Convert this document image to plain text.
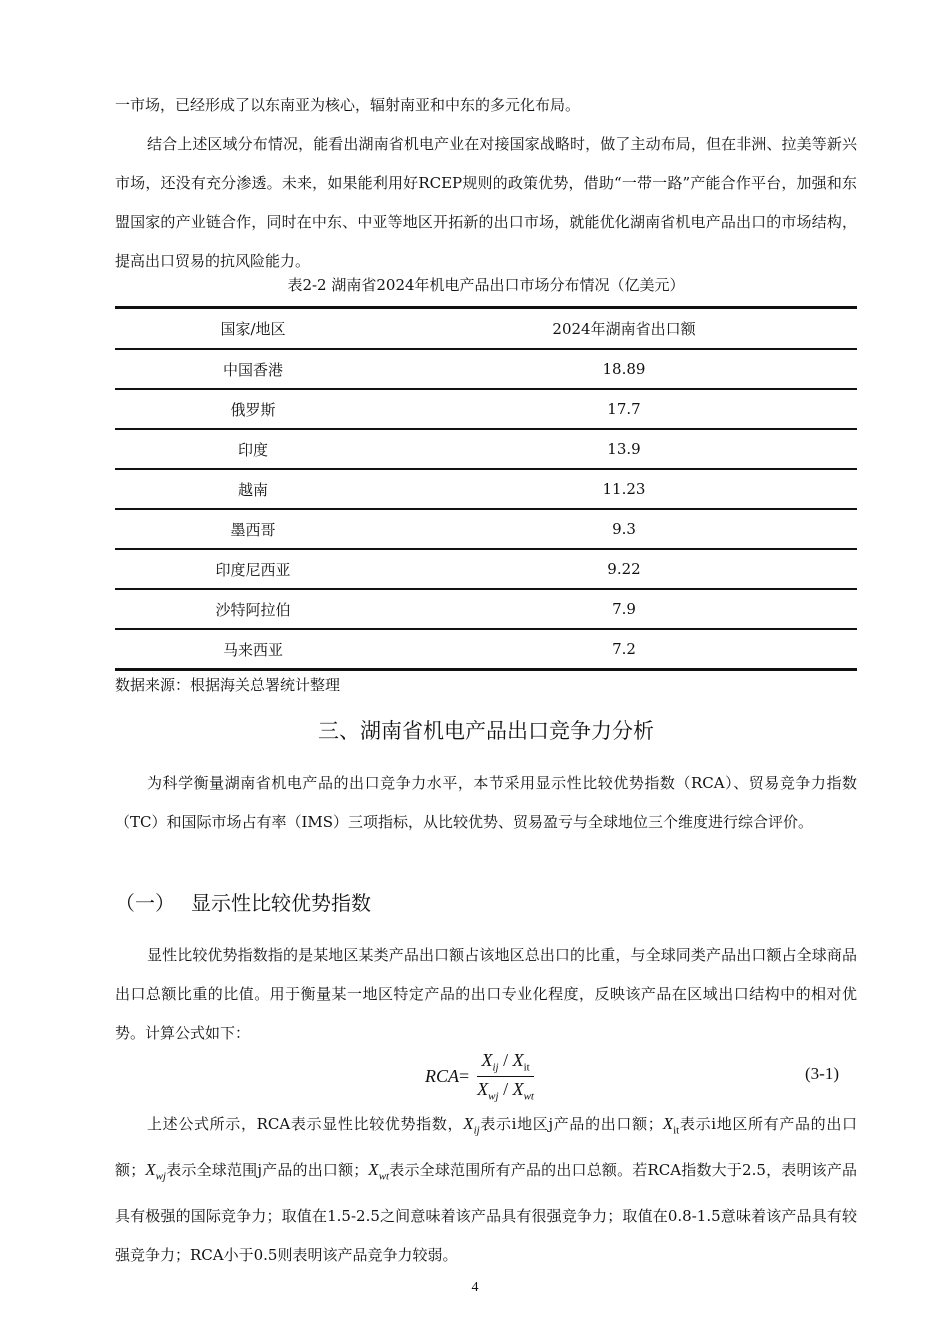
一市场，已经形成了以东南亚为核心，辐射南亚和中东的多元化布局。

结合上述区域分布情况，能看出湖南省机电产业在对接国家战略时，做了主动布局，但在非洲、拉美等新兴市场，还没有充分渗透。未来，如果能利用好RCEP规则的政策优势，借助“一带一路”产能合作平台，加强和东盟国家的产业链合作，同时在中东、中亚等地区开拓新的出口市场，就能优化湖南省机电产品出口的市场结构，提高出口贸易的抗风险能力。

表2-2 湖南省2024年机电产品出口市场分布情况（亿美元）

国家/地区	2024年湖南省出口额
中国香港	18.89
俄罗斯	17.7
印度	13.9
越南	11.23
墨西哥	9.3
印度尼西亚	9.22
沙特阿拉伯	7.9
马来西亚	7.2

数据来源：根据海关总署统计整理

三、湖南省机电产品出口竞争力分析

为科学衡量湖南省机电产品的出口竞争力水平，本节采用显示性比较优势指数（RCA）、贸易竞争力指数（TC）和国际市场占有率（IMS）三项指标，从比较优势、贸易盈亏与全球地位三个维度进行综合评价。

（一） 显示性比较优势指数

显性比较优势指数指的是某地区某类产品出口额占该地区总出口的比重，与全球同类产品出口额占全球商品出口总额比重的比值。用于衡量某一地区特定产品的出口专业化程度，反映该产品在区域出口结构中的相对优势。计算公式如下：

RCA = $\frac{X_{ij} / X_{it}}{X_{wj} / X_{wt}}$	(3-1)

上述公式所示，RCA表示显性比较优势指数，$X_{ij}$表示i地区j产品的出口额；$X_{it}$表示i地区所有产品的出口额；$X_{wj}$表示全球范围j产品的出口额；$X_{wt}$表示全球范围所有产品的出口总额。若RCA指数大于2.5，表明该产品具有极强的国际竞争力；取值在1.5-2.5之间意味着该产品具有很强竞争力；取值在0.8-1.5意味着该产品具有较强竞争力；RCA小于0.5则表明该产品竞争力较弱。

4
